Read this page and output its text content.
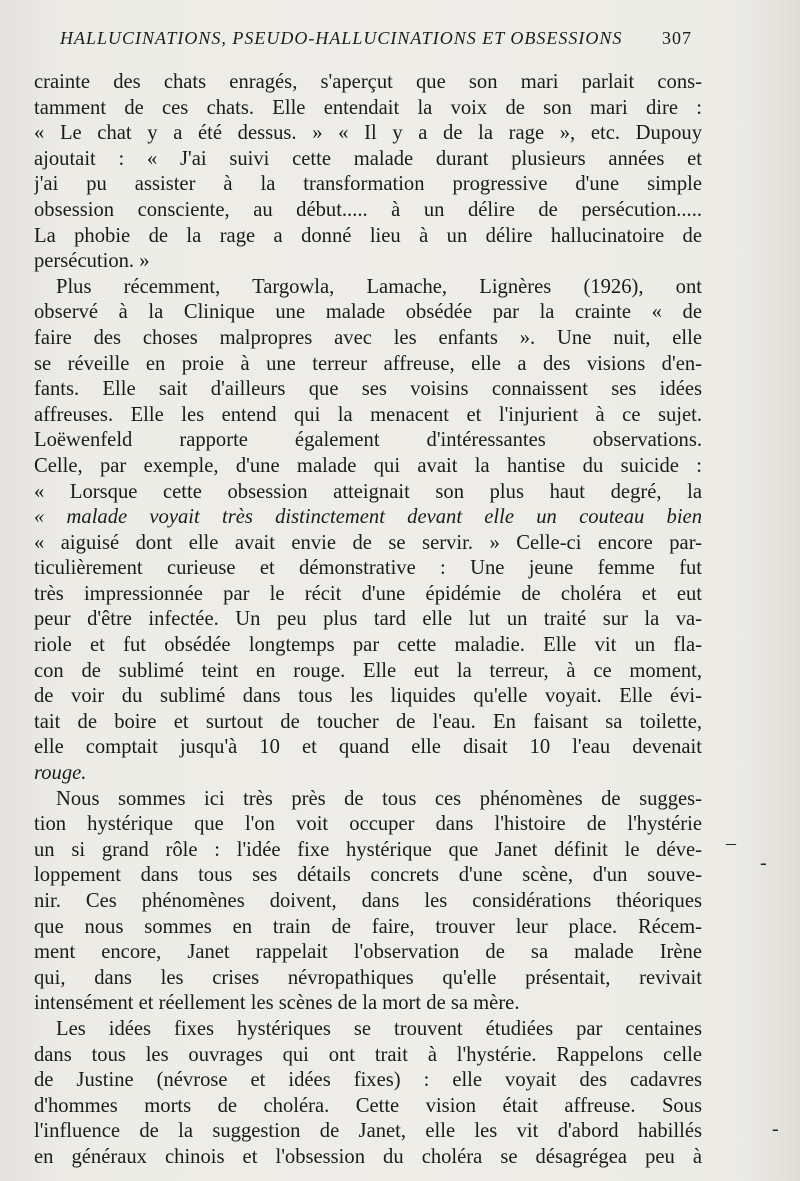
HALLUCINATIONS, PSEUDO-HALLUCINATIONS ET OBSESSIONS 307

crainte des chats enragés, s'aperçut que son mari parlait cons-
tamment de ces chats. Elle entendait la voix de son mari dire :
« Le chat y a été dessus. » « Il y a de la rage », etc. Dupouy
ajoutait : « J'ai suivi cette malade durant plusieurs années et
j'ai pu assister à la transformation progressive d'une simple
obsession consciente, au début..... à un délire de persécution.....
La phobie de la rage a donné lieu à un délire hallucinatoire de
persécution. »

Plus récemment, Targowla, Lamache, Lignères (1926), ont
observé à la Clinique une malade obsédée par la crainte « de
faire des choses malpropres avec les enfants ». Une nuit, elle
se réveille en proie à une terreur affreuse, elle a des visions d'en-
fants. Elle sait d'ailleurs que ses voisins connaissent ses idées
affreuses. Elle les entend qui la menacent et l'injurient à ce sujet.
Loëwenfeld rapporte également d'intéressantes observations.
Celle, par exemple, d'une malade qui avait la hantise du suicide :
« Lorsque cette obsession atteignait son plus haut degré, la
« malade voyait très distinctement devant elle un couteau bien
« aiguisé dont elle avait envie de se servir. » Celle-ci encore par-
ticulièrement curieuse et démonstrative : Une jeune femme fut
très impressionnée par le récit d'une épidémie de choléra et eut
peur d'être infectée. Un peu plus tard elle lut un traité sur la va-
riole et fut obsédée longtemps par cette maladie. Elle vit un fla-
con de sublimé teint en rouge. Elle eut la terreur, à ce moment,
de voir du sublimé dans tous les liquides qu'elle voyait. Elle évi-
tait de boire et surtout de toucher de l'eau. En faisant sa toilette,
elle comptait jusqu'à 10 et quand elle disait 10 l'eau devenait
rouge.

Nous sommes ici très près de tous ces phénomènes de sugges-
tion hystérique que l'on voit occuper dans l'histoire de l'hystérie
un si grand rôle : l'idée fixe hystérique que Janet définit le déve-
loppement dans tous ses détails concrets d'une scène, d'un souve-
nir. Ces phénomènes doivent, dans les considérations théoriques
que nous sommes en train de faire, trouver leur place. Récem-
ment encore, Janet rappelait l'observation de sa malade Irène
qui, dans les crises névropathiques qu'elle présentait, revivait
intensément et réellement les scènes de la mort de sa mère.

Les idées fixes hystériques se trouvent étudiées par centaines
dans tous les ouvrages qui ont trait à l'hystérie. Rappelons celle
de Justine (névrose et idées fixes) : elle voyait des cadavres
d'hommes morts de choléra. Cette vision était affreuse. Sous
l'influence de la suggestion de Janet, elle les vit d'abord habillés
en généraux chinois et l'obsession du choléra se désagrégea peu à

–
-
-
